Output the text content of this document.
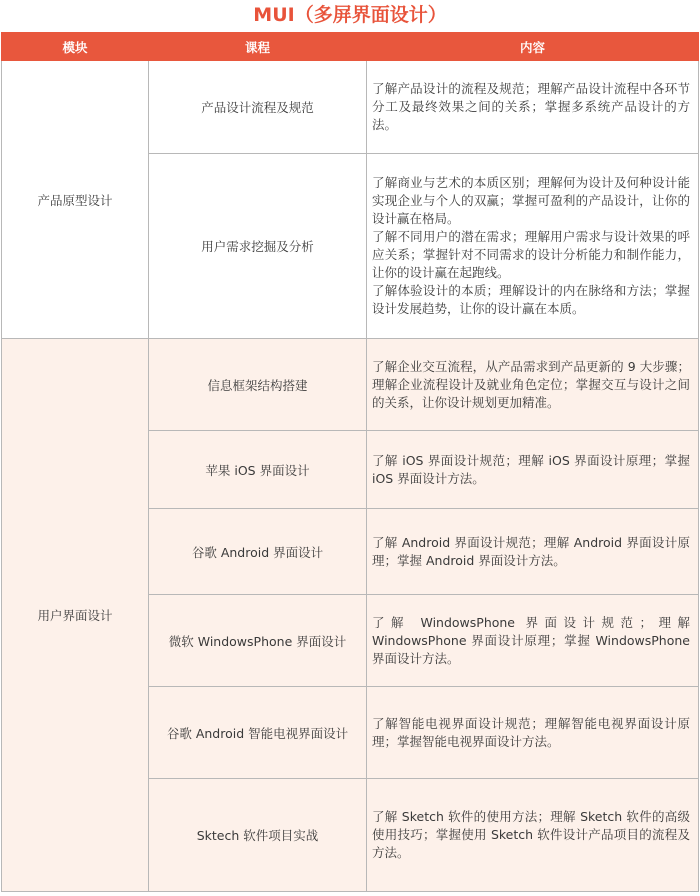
MUI（多屏界面设计）
模块	课程	内容
产品原型设计	产品设计流程及规范	了解产品设计的流程及规范；理解产品设计流程中各环节分工及最终效果之间的关系；掌握多系统产品设计的方法。

	用户需求挖掘及分析	了解商业与艺术的本质区别；理解何为设计及何种设计能实现企业与个人的双赢；掌握可盈利的产品设计，让你的设计赢在格局。
了解不同用户的潜在需求；理解用户需求与设计效果的呼应关系；掌握针对不同需求的设计分析能力和制作能力，让你的设计赢在起跑线。
了解体验设计的本质；理解设计的内在脉络和方法；掌握设计发展趋势，让你的设计赢在本质。

用户界面设计	信息框架结构搭建	了解企业交互流程，从产品需求到产品更新的 9 大步骤；理解企业流程设计及就业角色定位；掌握交互与设计之间的关系，让你设计规划更加精准。

	苹果 iOS 界面设计	了解 iOS 界面设计规范；理解 iOS 界面设计原理；掌握 iOS 界面设计方法。

	谷歌 Android 界面设计	了解 Android 界面设计规范；理解 Android 界面设计原理；掌握 Android 界面设计方法。

	微软 WindowsPhone 界面设计	了解 WindowsPhone 界面设计规范；理解 WindowsPhone 界面设计原理；掌握 WindowsPhone 界面设计方法。

	谷歌 Android 智能电视界面设计	了解智能电视界面设计规范；理解智能电视界面设计原理；掌握智能电视界面设计方法。

	Sktech 软件项目实战	了解 Sketch 软件的使用方法；理解 Sketch 软件的高级使用技巧；掌握使用 Sketch 软件设计产品项目的流程及方法。
